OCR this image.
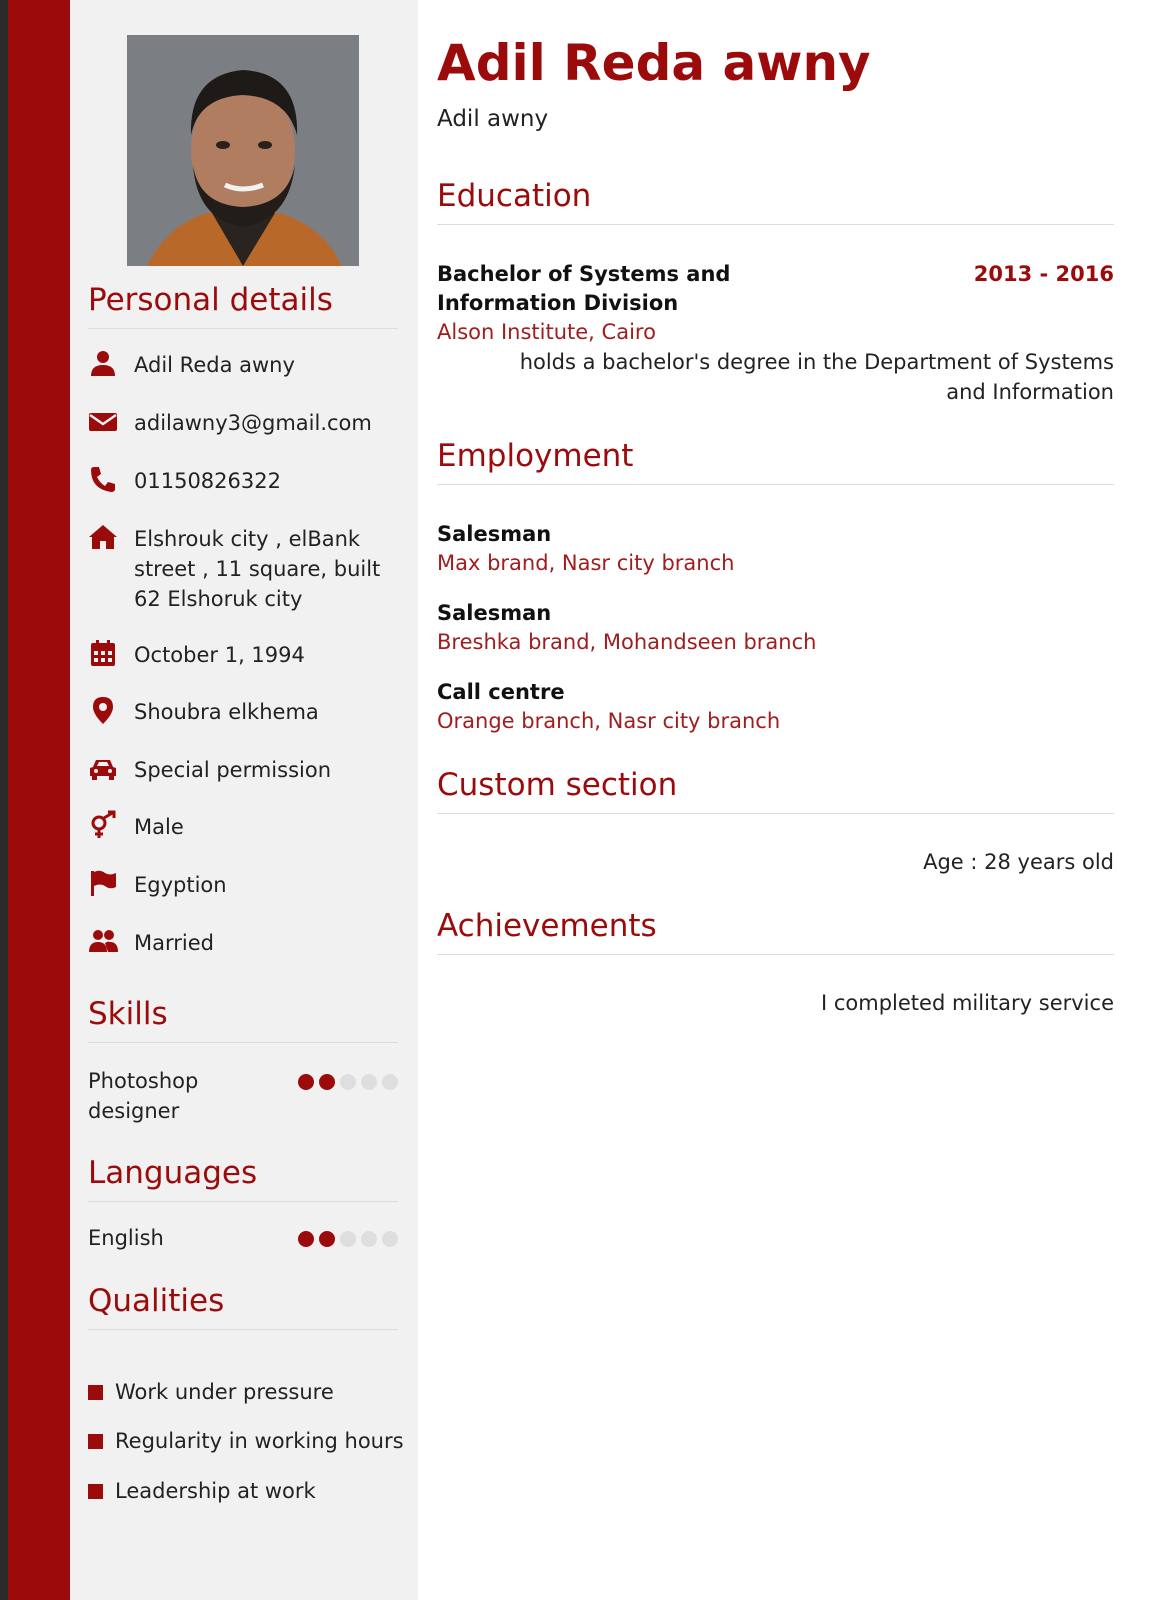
Personal details
Adil Reda awny
adilawny3@gmail.com
01150826322
Elshrouk city , elBank street , 11 square, built 62 Elshoruk city
October 1, 1994
Shoubra elkhema
Special permission
Male
Egyption
Married
Skills
Photoshop designer
Languages
English
Qualities
Work under pressure
Regularity in working hours
Leadership at work
Adil Reda awny
Adil awny
Education
Bachelor of Systems and Information Division
2013 - 2016
Alson Institute, Cairo
holds a bachelor's degree in the Department of Systems and Information
Employment
Salesman
Max brand, Nasr city branch
Salesman
Breshka brand, Mohandseen branch
Call centre
Orange branch, Nasr city branch
Custom section
Age : 28 years old
Achievements
I completed military service
